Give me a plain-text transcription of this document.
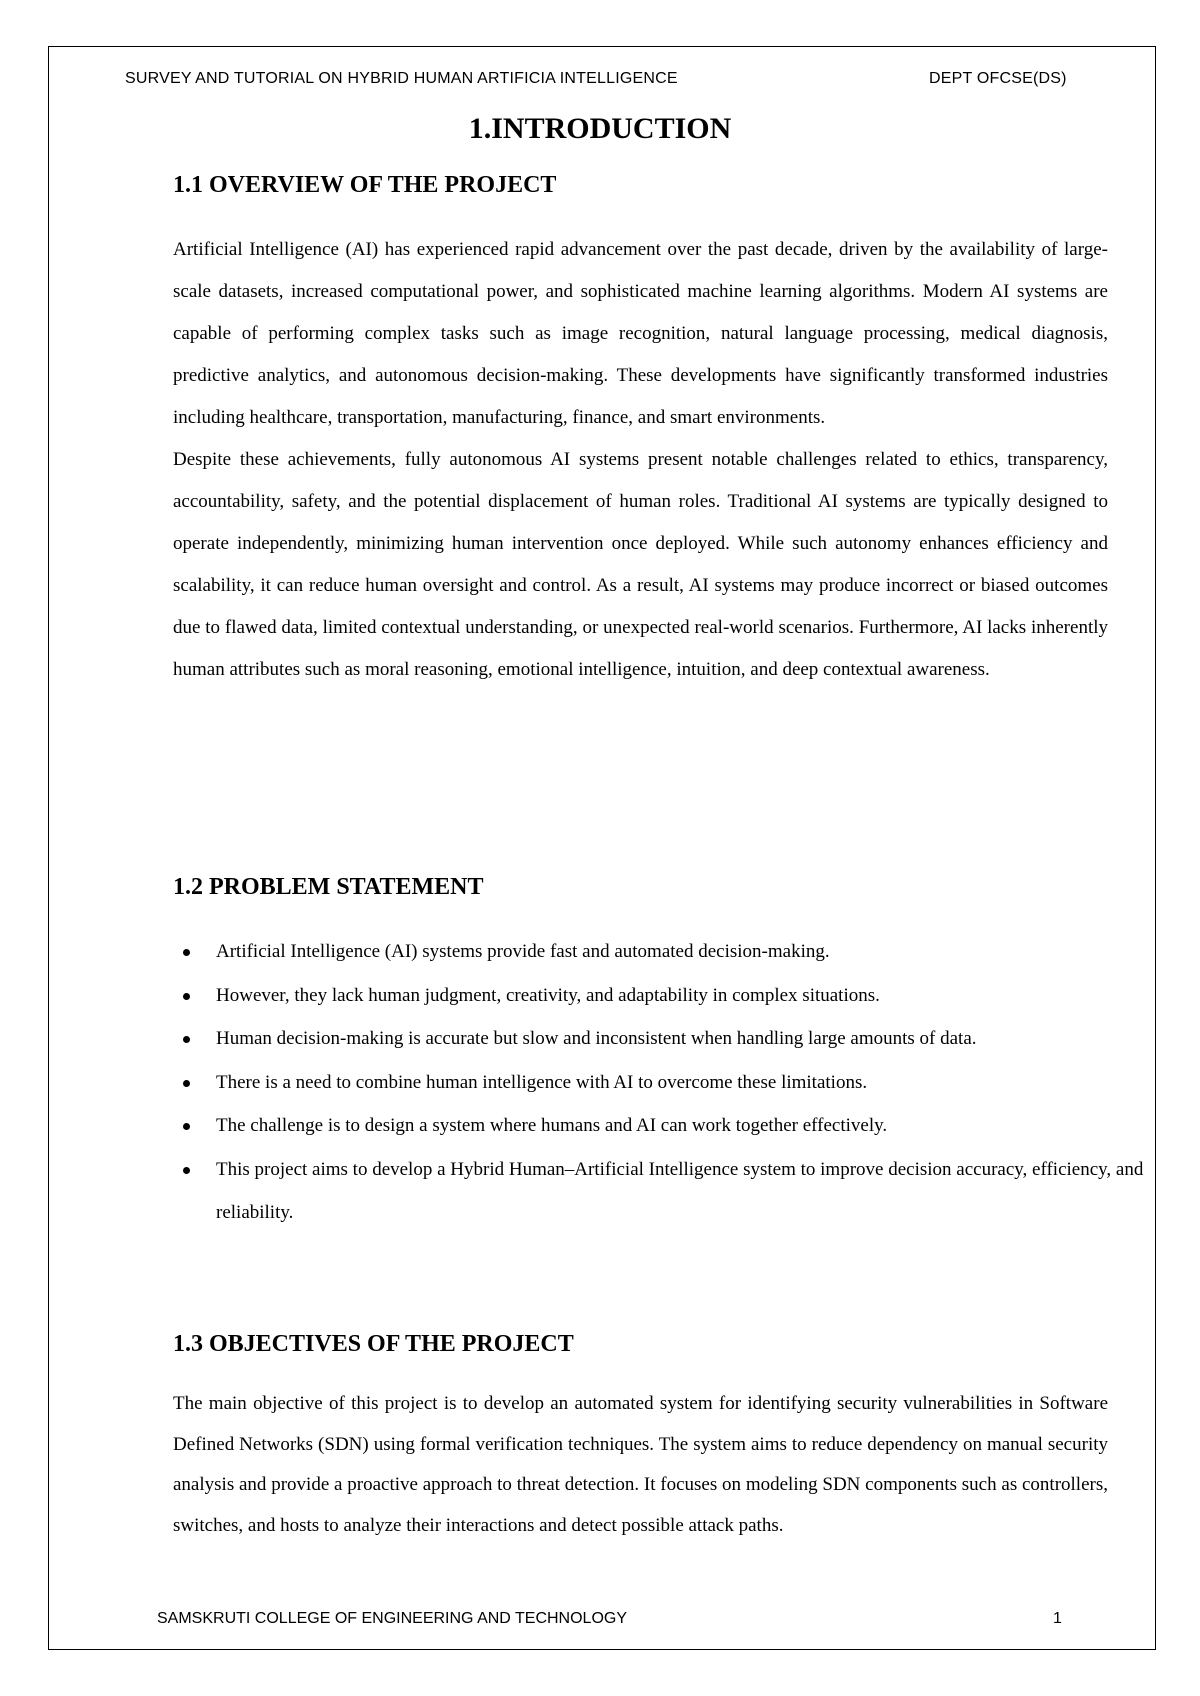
SURVEY AND TUTORIAL ON HYBRID HUMAN ARTIFICIA INTELLIGENCE	DEPT OFCSE(DS)
1.INTRODUCTION
1.1 OVERVIEW OF THE PROJECT

Artificial Intelligence (AI) has experienced rapid advancement over the past decade, driven by the availability of large-scale datasets, increased computational power, and sophisticated machine learning algorithms. Modern AI systems are capable of performing complex tasks such as image recognition, natural language processing, medical diagnosis, predictive analytics, and autonomous decision-making. These developments have significantly transformed industries including healthcare, transportation, manufacturing, finance, and smart environments.

Despite these achievements, fully autonomous AI systems present notable challenges related to ethics, transparency, accountability, safety, and the potential displacement of human roles. Traditional AI systems are typically designed to operate independently, minimizing human intervention once deployed. While such autonomy enhances efficiency and scalability, it can reduce human oversight and control. As a result, AI systems may produce incorrect or biased outcomes due to flawed data, limited contextual understanding, or unexpected real-world scenarios. Furthermore, AI lacks inherently human attributes such as moral reasoning, emotional intelligence, intuition, and deep contextual awareness.

1.2 PROBLEM STATEMENT
Artificial Intelligence (AI) systems provide fast and automated decision-making.
However, they lack human judgment, creativity, and adaptability in complex situations.
Human decision-making is accurate but slow and inconsistent when handling large amounts of data.
There is a need to combine human intelligence with AI to overcome these limitations.
The challenge is to design a system where humans and AI can work together effectively.
This project aims to develop a Hybrid Human–Artificial Intelligence system to improve decision accuracy, efficiency, and reliability.
1.3 OBJECTIVES OF THE PROJECT

The main objective of this project is to develop an automated system for identifying security vulnerabilities in Software Defined Networks (SDN) using formal verification techniques. The system aims to reduce dependency on manual security analysis and provide a proactive approach to threat detection. It focuses on modeling SDN components such as controllers, switches, and hosts to analyze their interactions and detect possible attack paths.

SAMSKRUTI COLLEGE OF ENGINEERING AND TECHNOLOGY	1
